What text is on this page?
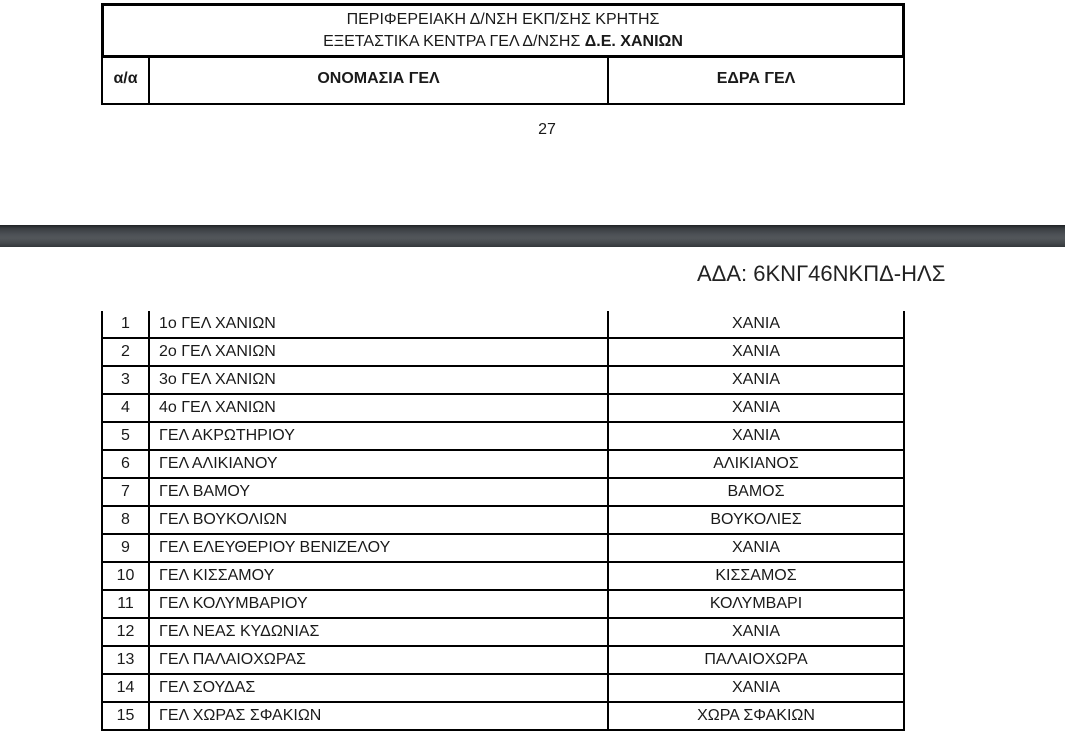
ΠΕΡΙΦΕΡΕΙΑΚΗ Δ/ΝΣΗ ΕΚΠ/ΣΗΣ ΚΡΗΤΗΣ
ΕΞΕΤΑΣΤΙΚΑ ΚΕΝΤΡΑ ΓΕΛ Δ/ΝΣΗΣ Δ.Ε. ΧΑΝΙΩΝ
α/α	ΟΝΟΜΑΣΙΑ ΓΕΛ	ΕΔΡΑ ΓΕΛ
27
ΑΔΑ: 6ΚΝΓ46ΝΚΠΔ-ΗΛΣ
1	1ο ΓΕΛ ΧΑΝΙΩΝ	ΧΑΝΙΑ
2	2ο ΓΕΛ ΧΑΝΙΩΝ	ΧΑΝΙΑ
3	3ο ΓΕΛ ΧΑΝΙΩΝ	ΧΑΝΙΑ
4	4ο ΓΕΛ ΧΑΝΙΩΝ	ΧΑΝΙΑ
5	ΓΕΛ ΑΚΡΩΤΗΡΙΟΥ	ΧΑΝΙΑ
6	ΓΕΛ ΑΛΙΚΙΑΝΟΥ	ΑΛΙΚΙΑΝΟΣ
7	ΓΕΛ ΒΑΜΟΥ	ΒΑΜΟΣ
8	ΓΕΛ ΒΟΥΚΟΛΙΩΝ	ΒΟΥΚΟΛΙΕΣ
9	ΓΕΛ ΕΛΕΥΘΕΡΙΟΥ ΒΕΝΙΖΕΛΟΥ	ΧΑΝΙΑ
10	ΓΕΛ ΚΙΣΣΑΜΟΥ	ΚΙΣΣΑΜΟΣ
11	ΓΕΛ ΚΟΛΥΜΒΑΡΙΟΥ	ΚΟΛΥΜΒΑΡΙ
12	ΓΕΛ ΝΕΑΣ ΚΥΔΩΝΙΑΣ	ΧΑΝΙΑ
13	ΓΕΛ ΠΑΛΑΙΟΧΩΡΑΣ	ΠΑΛΑΙΟΧΩΡΑ
14	ΓΕΛ ΣΟΥΔΑΣ	ΧΑΝΙΑ
15	ΓΕΛ ΧΩΡΑΣ ΣΦΑΚΙΩΝ	ΧΩΡΑ ΣΦΑΚΙΩΝ
